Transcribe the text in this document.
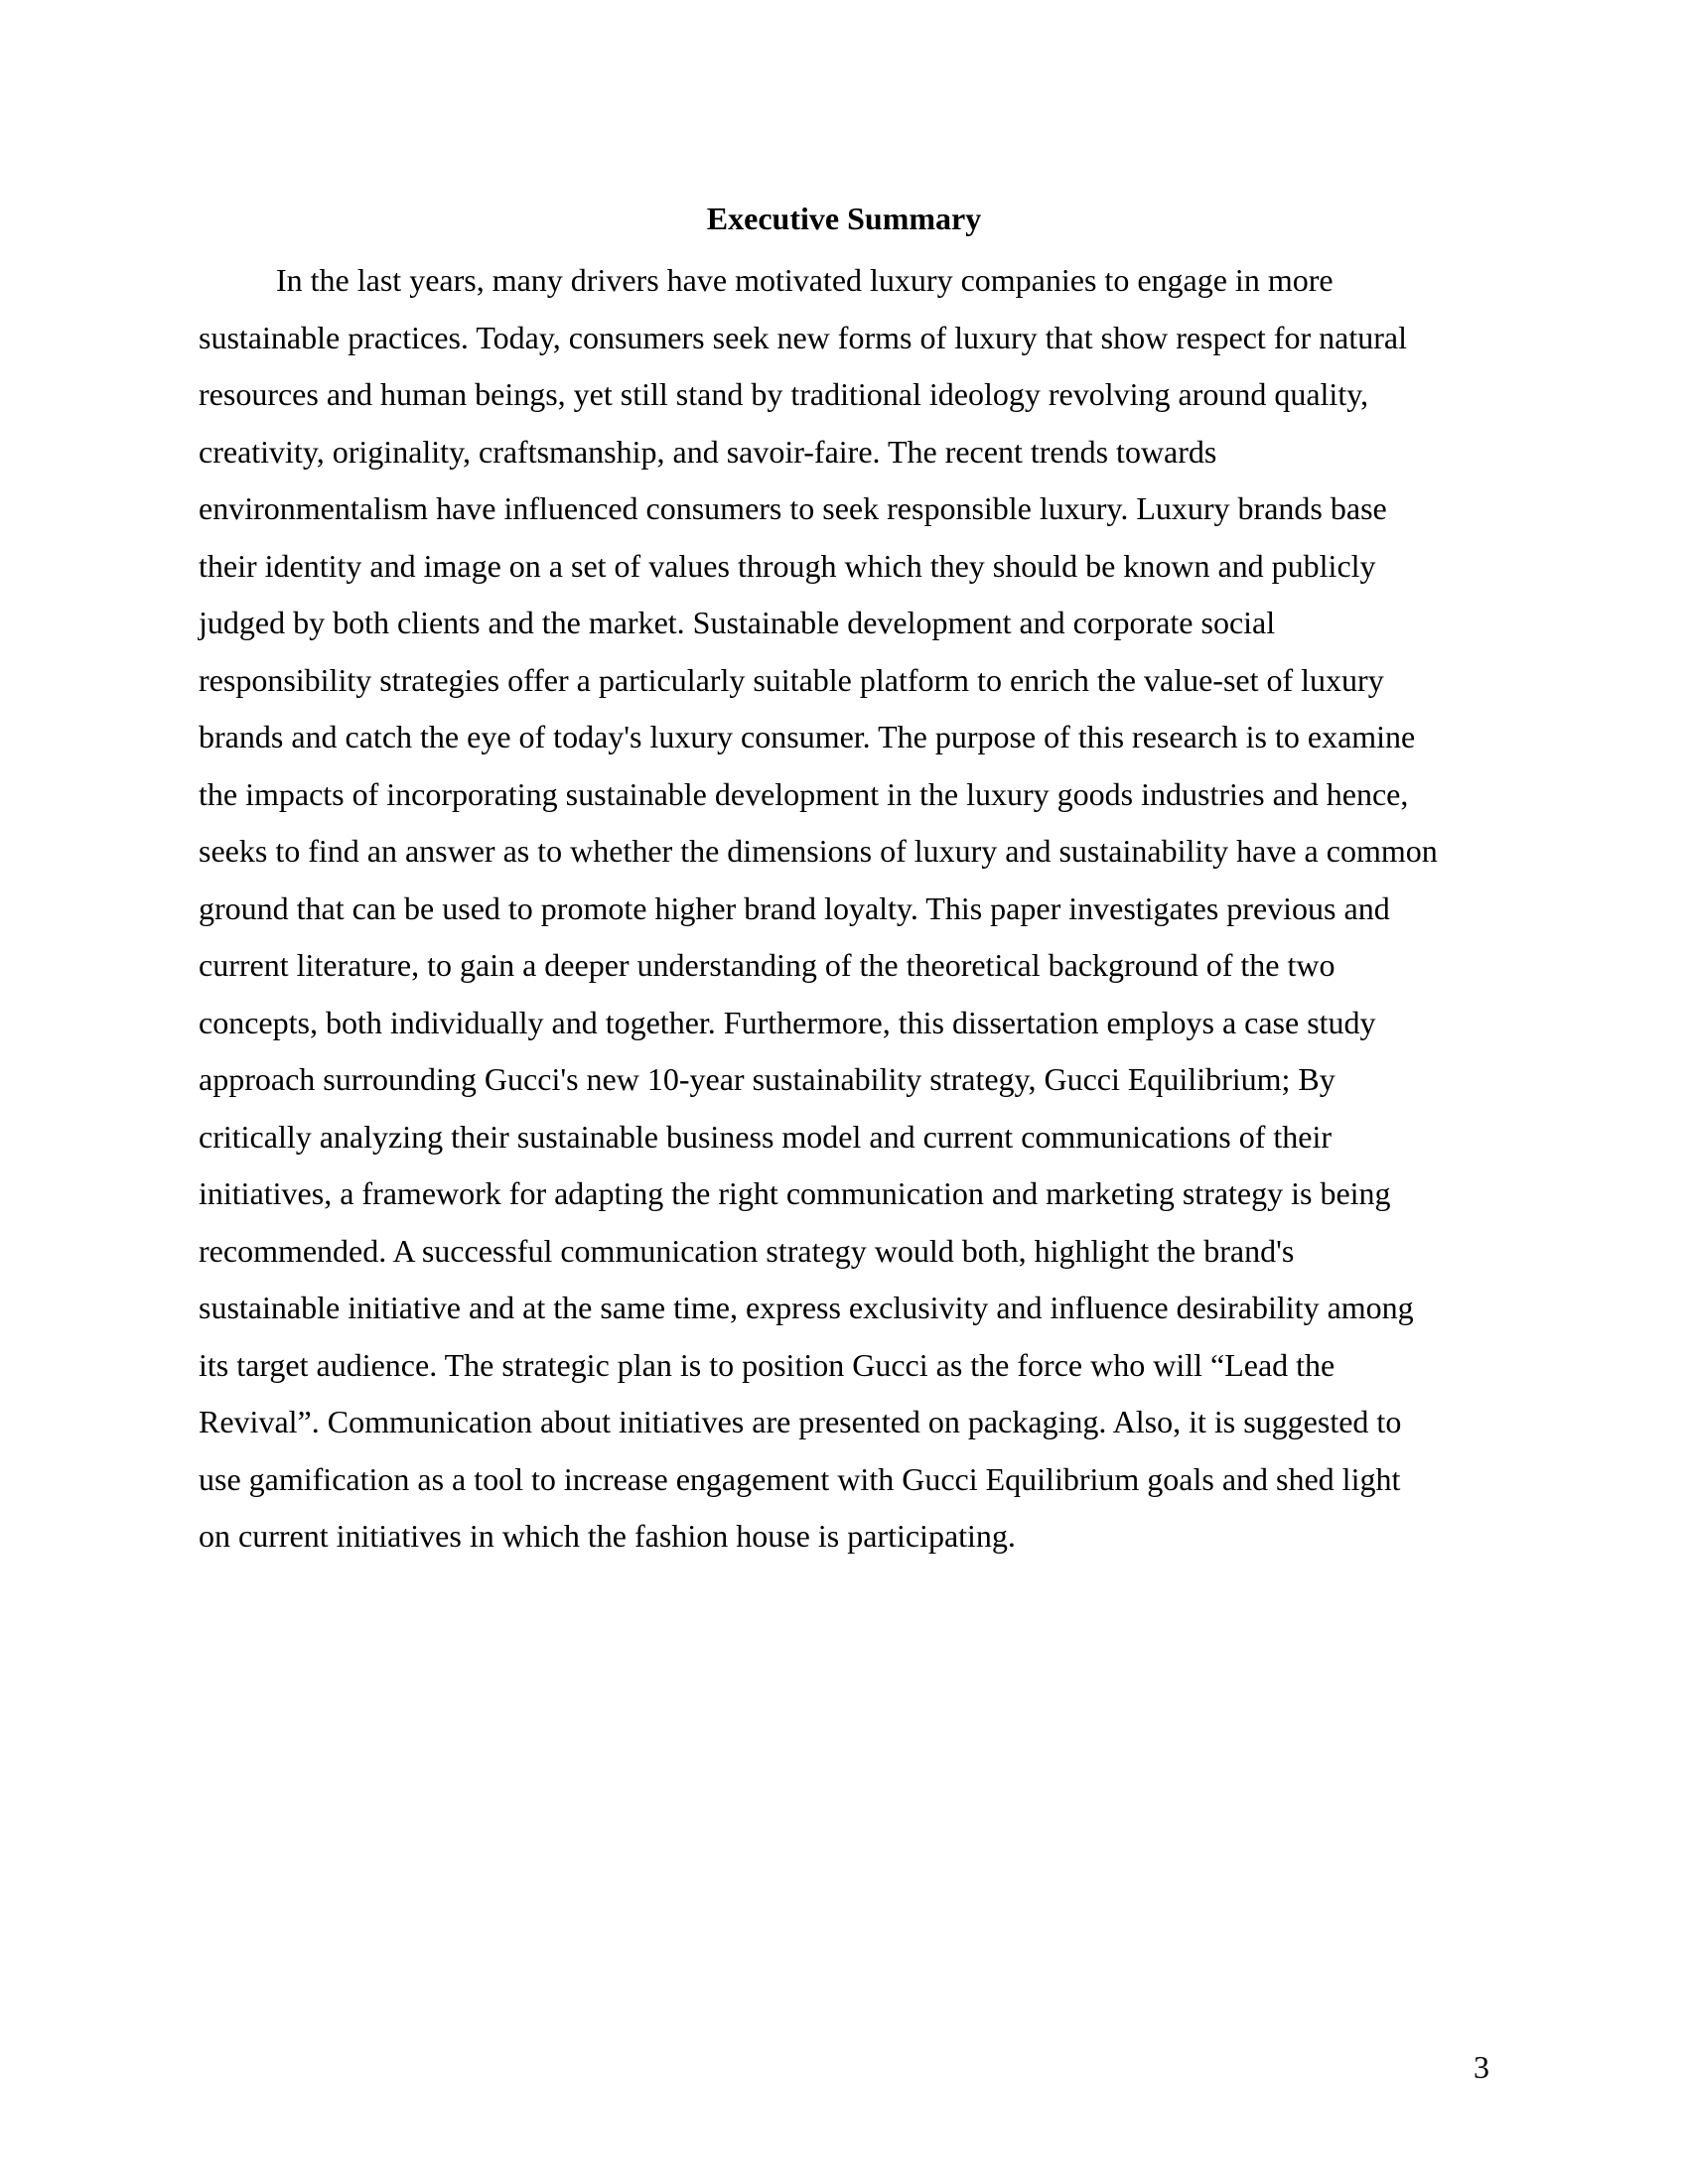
Executive Summary
In the last years, many drivers have motivated luxury companies to engage in more
sustainable practices. Today, consumers seek new forms of luxury that show respect for natural
resources and human beings, yet still stand by traditional ideology revolving around quality,
creativity, originality, craftsmanship, and savoir-faire. The recent trends towards
environmentalism have influenced consumers to seek responsible luxury. Luxury brands base
their identity and image on a set of values through which they should be known and publicly
judged by both clients and the market. Sustainable development and corporate social
responsibility strategies offer a particularly suitable platform to enrich the value-set of luxury
brands and catch the eye of today's luxury consumer. The purpose of this research is to examine
the impacts of incorporating sustainable development in the luxury goods industries and hence,
seeks to find an answer as to whether the dimensions of luxury and sustainability have a common
ground that can be used to promote higher brand loyalty. This paper investigates previous and
current literature, to gain a deeper understanding of the theoretical background of the two
concepts, both individually and together. Furthermore, this dissertation employs a case study
approach surrounding Gucci's new 10-year sustainability strategy, Gucci Equilibrium; By
critically analyzing their sustainable business model and current communications of their
initiatives, a framework for adapting the right communication and marketing strategy is being
recommended. A successful communication strategy would both, highlight the brand's
sustainable initiative and at the same time, express exclusivity and influence desirability among
its target audience. The strategic plan is to position Gucci as the force who will “Lead the
Revival”. Communication about initiatives are presented on packaging. Also, it is suggested to
use gamification as a tool to increase engagement with Gucci Equilibrium goals and shed light
on current initiatives in which the fashion house is participating.
3
